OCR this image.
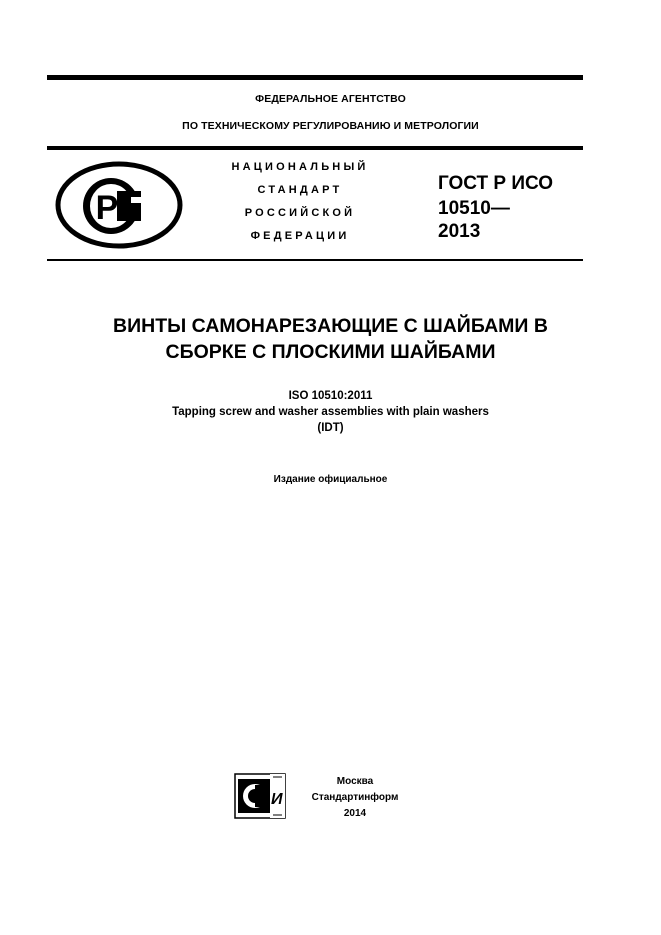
ФЕДЕРАЛЬНОЕ АГЕНТСТВО
ПО ТЕХНИЧЕСКОМУ РЕГУЛИРОВАНИЮ И МЕТРОЛОГИИ
Р
НАЦИОНАЛЬНЫЙ
СТАНДАРТ
РОССИЙСКОЙ
ФЕДЕРАЦИИ
ГОСТ Р ИСО
10510—
2013
ВИНТЫ САМОНАРЕЗАЮЩИЕ С ШАЙБАМИ В
СБОРКЕ С ПЛОСКИМИ ШАЙБАМИ
ISO 10510:2011
Tapping screw and washer assemblies with plain washers
(IDT)
Издание официальное
И
Москва
Стандартинформ
2014
